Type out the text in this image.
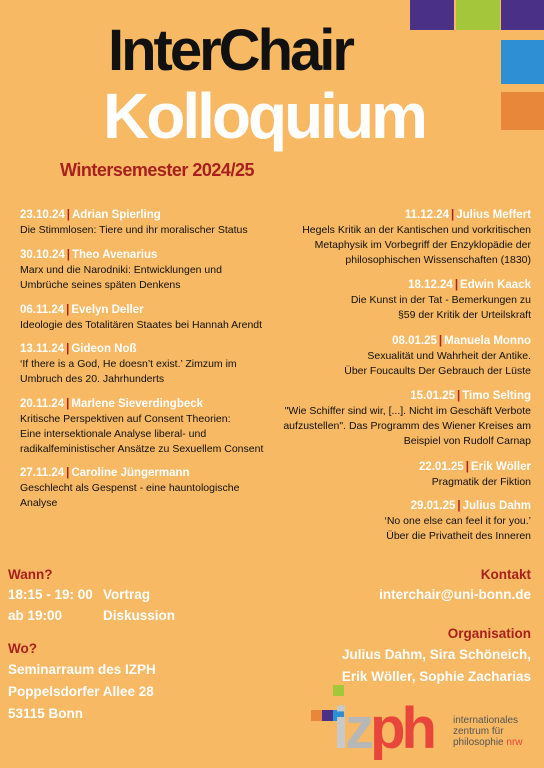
InterChair
Kolloquium
Wintersemester 2024/25
23.10.24 | Adrian Spierling
Die Stimmlosen: Tiere und ihr moralischer Status
30.10.24 | Theo Avenarius
Marx und die Narodniki: Entwicklungen und
Umbrüche seines späten Denkens
06.11.24 | Evelyn Deller
Ideologie des Totalitären Staates bei Hannah Arendt
13.11.24 | Gideon Noß
‘If there is a God, He doesn’t exist.’ Zimzum im
Umbruch des 20. Jahrhunderts
20.11.24 | Marlene Sieverdingbeck
Kritische Perspektiven auf Consent Theorien:
Eine intersektionale Analyse liberal- und
radikalfeministischer Ansätze zu Sexuellem Consent
27.11.24 | Caroline Jüngermann
Geschlecht als Gespenst - eine hauntologische
Analyse
11.12.24 | Julius Meffert
Hegels Kritik an der Kantischen und vorkritischen
Metaphysik im Vorbegriff der Enzyklopädie der
philosophischen Wissenschaften (1830)
18.12.24 | Edwin Kaack
Die Kunst in der Tat - Bemerkungen zu
§59 der Kritik der Urteilskraft
08.01.25 | Manuela Monno
Sexualität und Wahrheit der Antike.
Über Foucaults Der Gebrauch der Lüste
15.01.25 | Timo Selting
"Wie Schiffer sind wir, [...]. Nicht im Geschäft Verbote
aufzustellen". Das Programm des Wiener Kreises am
Beispiel von Rudolf Carnap
22.01.25 | Erik Wöller
Pragmatik der Fiktion
29.01.25 | Julius Dahm
‘No one else can feel it for you.’
Über die Privatheit des Inneren
Wann?
18:15 - 19: 00 Vortrag
ab 19:00	Diskussion
Wo?
Seminarraum des IZPH
Poppelsdorfer Allee 28
53115 Bonn
Kontakt
interchair@uni-bonn.de
Organisation
Julius Dahm, Sira Schöneich,
Erik Wöller, Sophie Zacharias
izph internationales
zentrum für
philosophie nrw
